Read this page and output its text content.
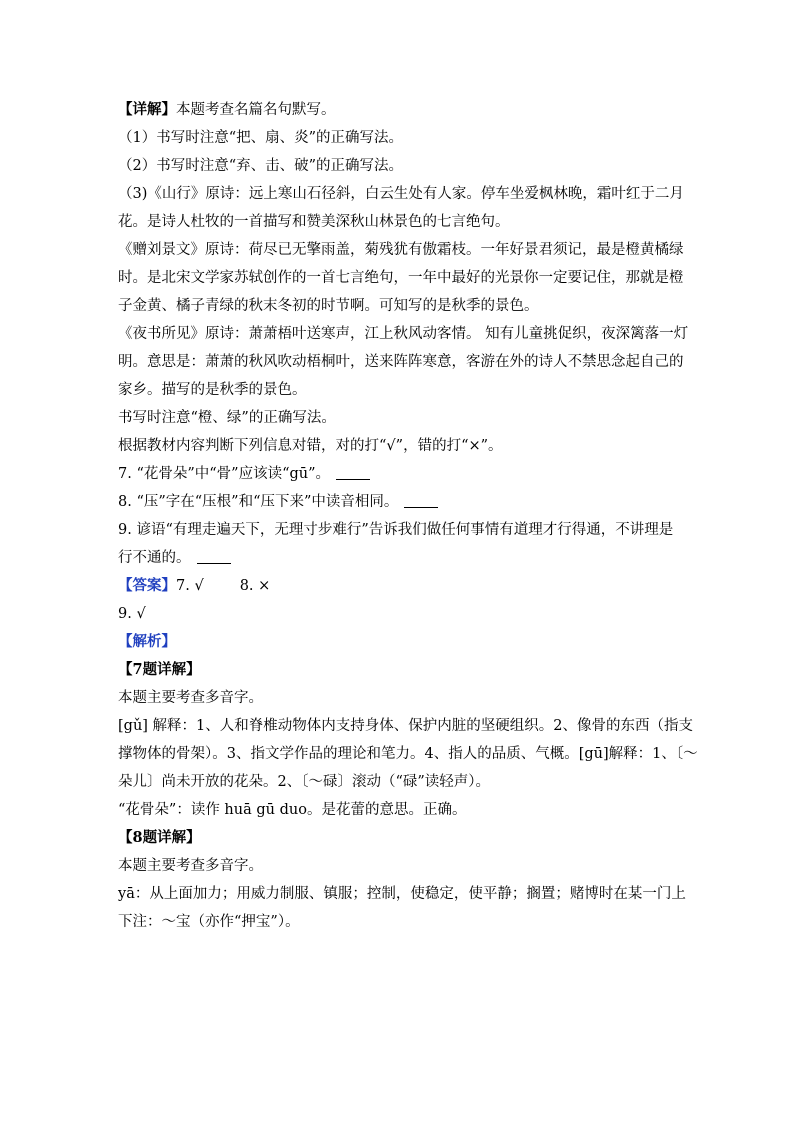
【详解】本题考查名篇名句默写。
（1）书写时注意“把、扇、炎”的正确写法。
（2）书写时注意“弃、击、破”的正确写法。
（3)《山行》原诗：远上寒山石径斜，白云生处有人家。停车坐爱枫林晚，霜叶红于二月
花。是诗人杜牧的一首描写和赞美深秋山林景色的七言绝句。
《赠刘景文》原诗：荷尽已无擎雨盖，菊残犹有傲霜枝。一年好景君须记，最是橙黄橘绿
时。是北宋文学家苏轼创作的一首七言绝句，一年中最好的光景你一定要记住，那就是橙
子金黄、橘子青绿的秋末冬初的时节啊。可知写的是秋季的景色。
《夜书所见》原诗：萧萧梧叶送寒声，江上秋风动客情。 知有儿童挑促织，夜深篱落一灯
明。意思是：萧萧的秋风吹动梧桐叶，送来阵阵寒意，客游在外的诗人不禁思念起自己的
家乡。描写的是秋季的景色。
书写时注意“橙、绿”的正确写法。
根据教材内容判断下列信息对错，对的打“√”，错的打“×”。
7. “花骨朵”中“骨”应该读“gū”。
8. “压”字在“压根”和“压下来”中读音相同。
9. 谚语“有理走遍天下，无理寸步难行”告诉我们做任何事情有道理才行得通，不讲理是
行不通的。
【答案】7. √ 8. ×
9. √
【解析】
【7题详解】
本题主要考查多音字。
[gǔ] 解释：1、人和脊椎动物体内支持身体、保护内脏的坚硬组织。2、像骨的东西（指支
撑物体的骨架）。3、指文学作品的理论和笔力。4、指人的品质、气概。[gū]解释：1、〔～
朵儿〕尚未开放的花朵。2、〔～碌〕滚动（“碌”读轻声）。
“花骨朵”：读作 huā gū duo。是花蕾的意思。正确。
【8题详解】
本题主要考查多音字。
yā：从上面加力；用威力制服、镇服；控制，使稳定，使平静；搁置；赌博时在某一门上
下注：～宝（亦作“押宝”）。
